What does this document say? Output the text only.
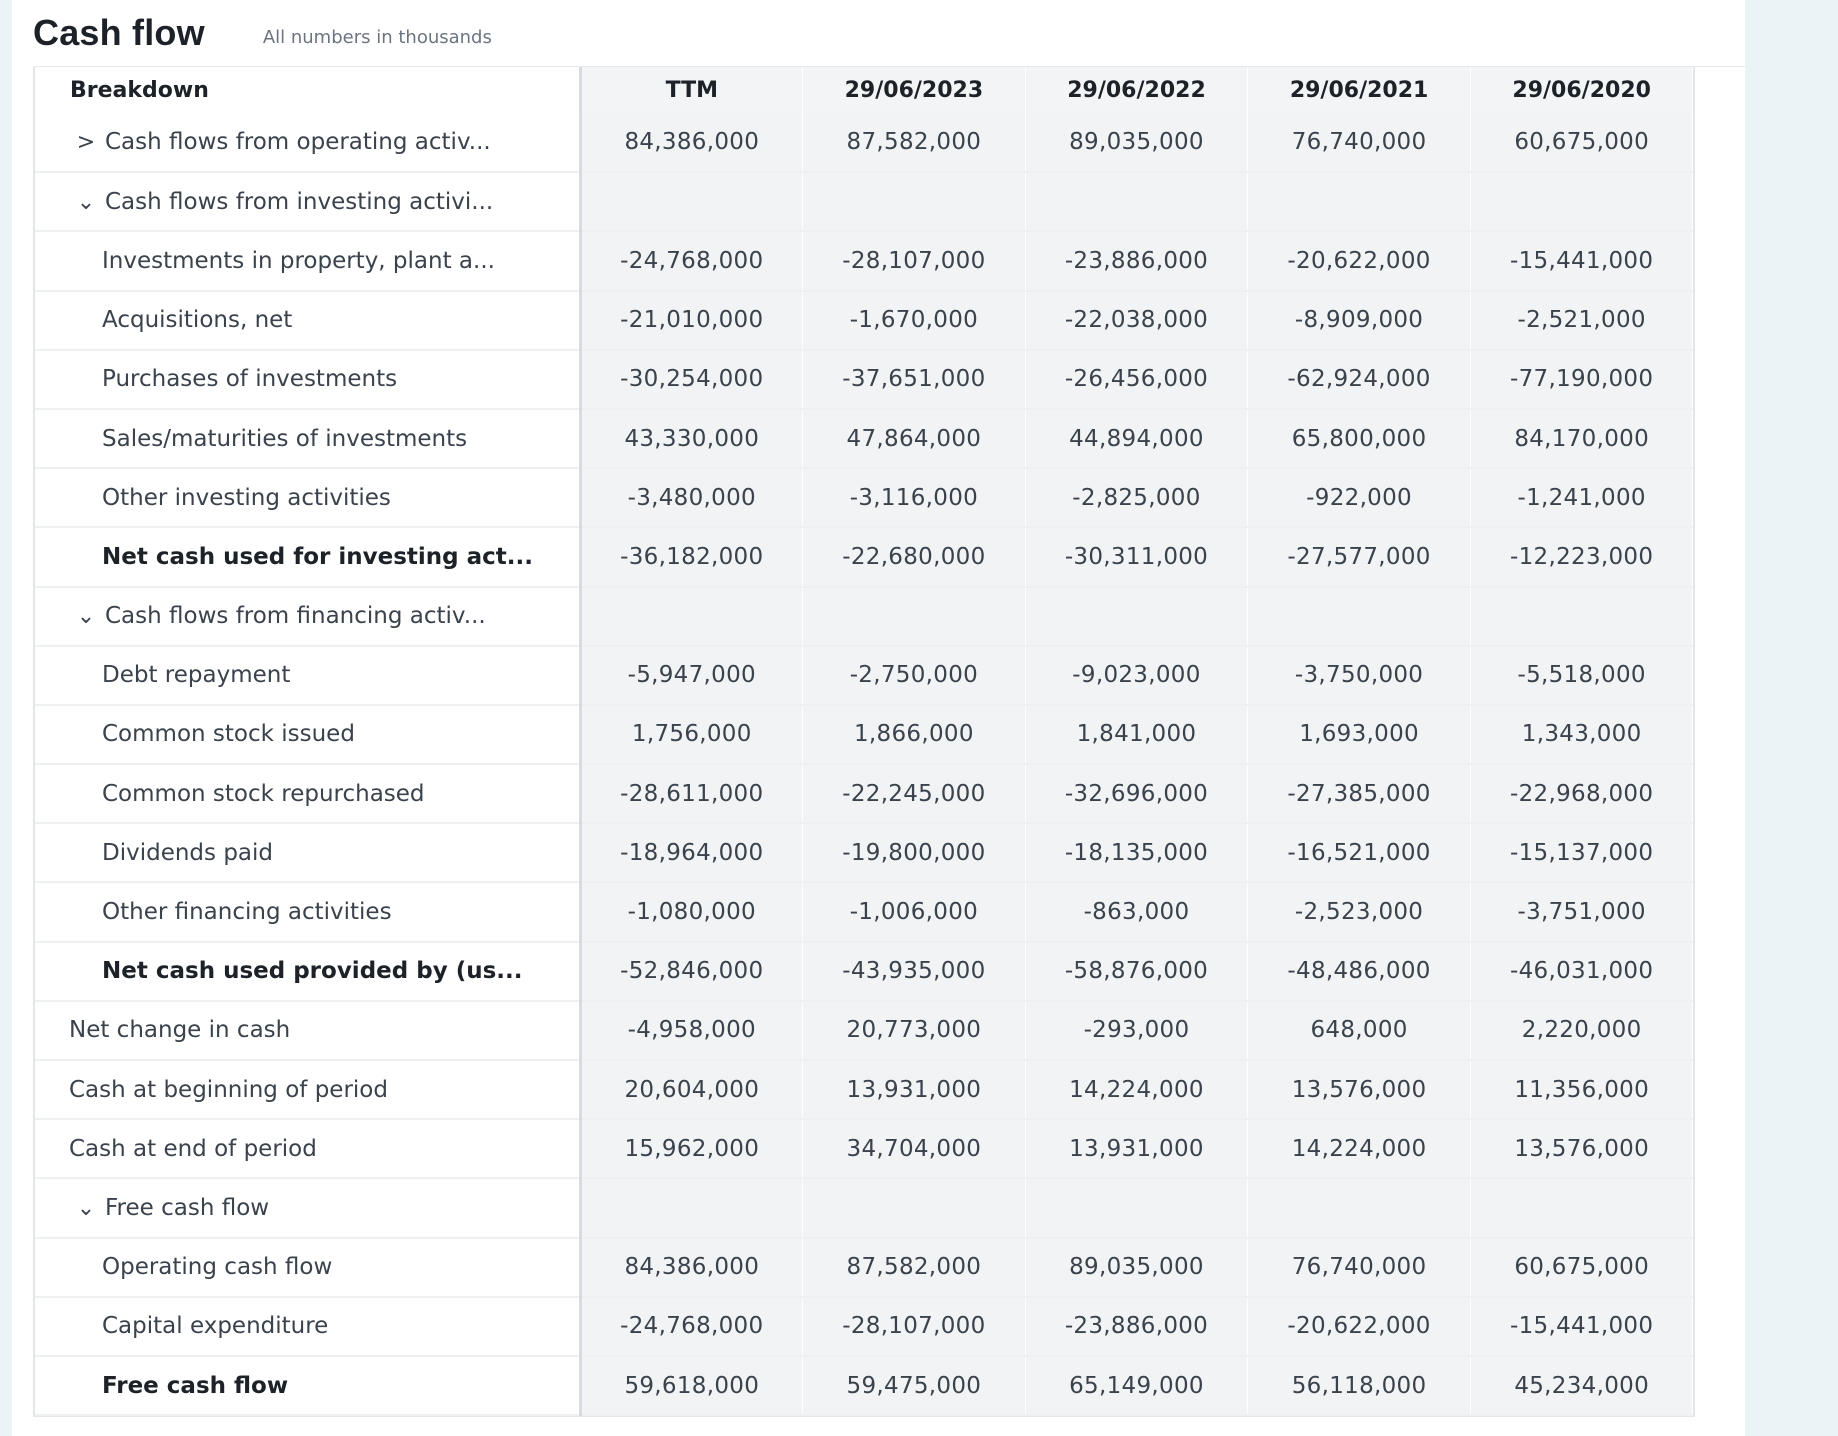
Cash flow	All numbers in thousands
Breakdown	TTM	29/06/2023	29/06/2022	29/06/2021	29/06/2020
> Cash flows from operating activ...	84,386,000	87,582,000	89,035,000	76,740,000	60,675,000
⌄ Cash flows from investing activi...					
Investments in property, plant a...	-24,768,000	-28,107,000	-23,886,000	-20,622,000	-15,441,000
Acquisitions, net	-21,010,000	-1,670,000	-22,038,000	-8,909,000	-2,521,000
Purchases of investments	-30,254,000	-37,651,000	-26,456,000	-62,924,000	-77,190,000
Sales/maturities of investments	43,330,000	47,864,000	44,894,000	65,800,000	84,170,000
Other investing activities	-3,480,000	-3,116,000	-2,825,000	-922,000	-1,241,000
Net cash used for investing act...	-36,182,000	-22,680,000	-30,311,000	-27,577,000	-12,223,000
⌄ Cash flows from financing activ...					
Debt repayment	-5,947,000	-2,750,000	-9,023,000	-3,750,000	-5,518,000
Common stock issued	1,756,000	1,866,000	1,841,000	1,693,000	1,343,000
Common stock repurchased	-28,611,000	-22,245,000	-32,696,000	-27,385,000	-22,968,000
Dividends paid	-18,964,000	-19,800,000	-18,135,000	-16,521,000	-15,137,000
Other financing activities	-1,080,000	-1,006,000	-863,000	-2,523,000	-3,751,000
Net cash used provided by (us...	-52,846,000	-43,935,000	-58,876,000	-48,486,000	-46,031,000
Net change in cash	-4,958,000	20,773,000	-293,000	648,000	2,220,000
Cash at beginning of period	20,604,000	13,931,000	14,224,000	13,576,000	11,356,000
Cash at end of period	15,962,000	34,704,000	13,931,000	14,224,000	13,576,000
⌄ Free cash flow					
Operating cash flow	84,386,000	87,582,000	89,035,000	76,740,000	60,675,000
Capital expenditure	-24,768,000	-28,107,000	-23,886,000	-20,622,000	-15,441,000
Free cash flow	59,618,000	59,475,000	65,149,000	56,118,000	45,234,000
